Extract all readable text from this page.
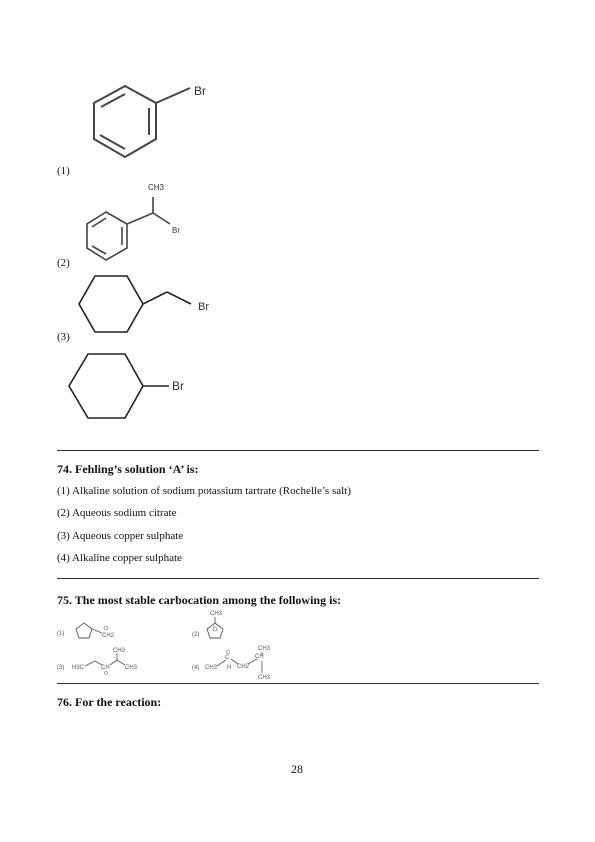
(1)
Br
CH3
Br
(2)
Br
(3)
Br
74. Fehling’s solution ‘A’ is:
(1) Alkaline solution of sodium potassium tartrate (Rochelle’s salt)
(2) Aqueous sodium citrate
(3) Aqueous copper sulphate
(4) Alkaline copper sulphate
75. The most stable carbocation among the following is:
(1)	CH2	(2)
CH3
(3) H3C	CH
CH3
CH3	(4) CH3
C
H CH2
CH
CH3
CH3
76. For the reaction:
28
